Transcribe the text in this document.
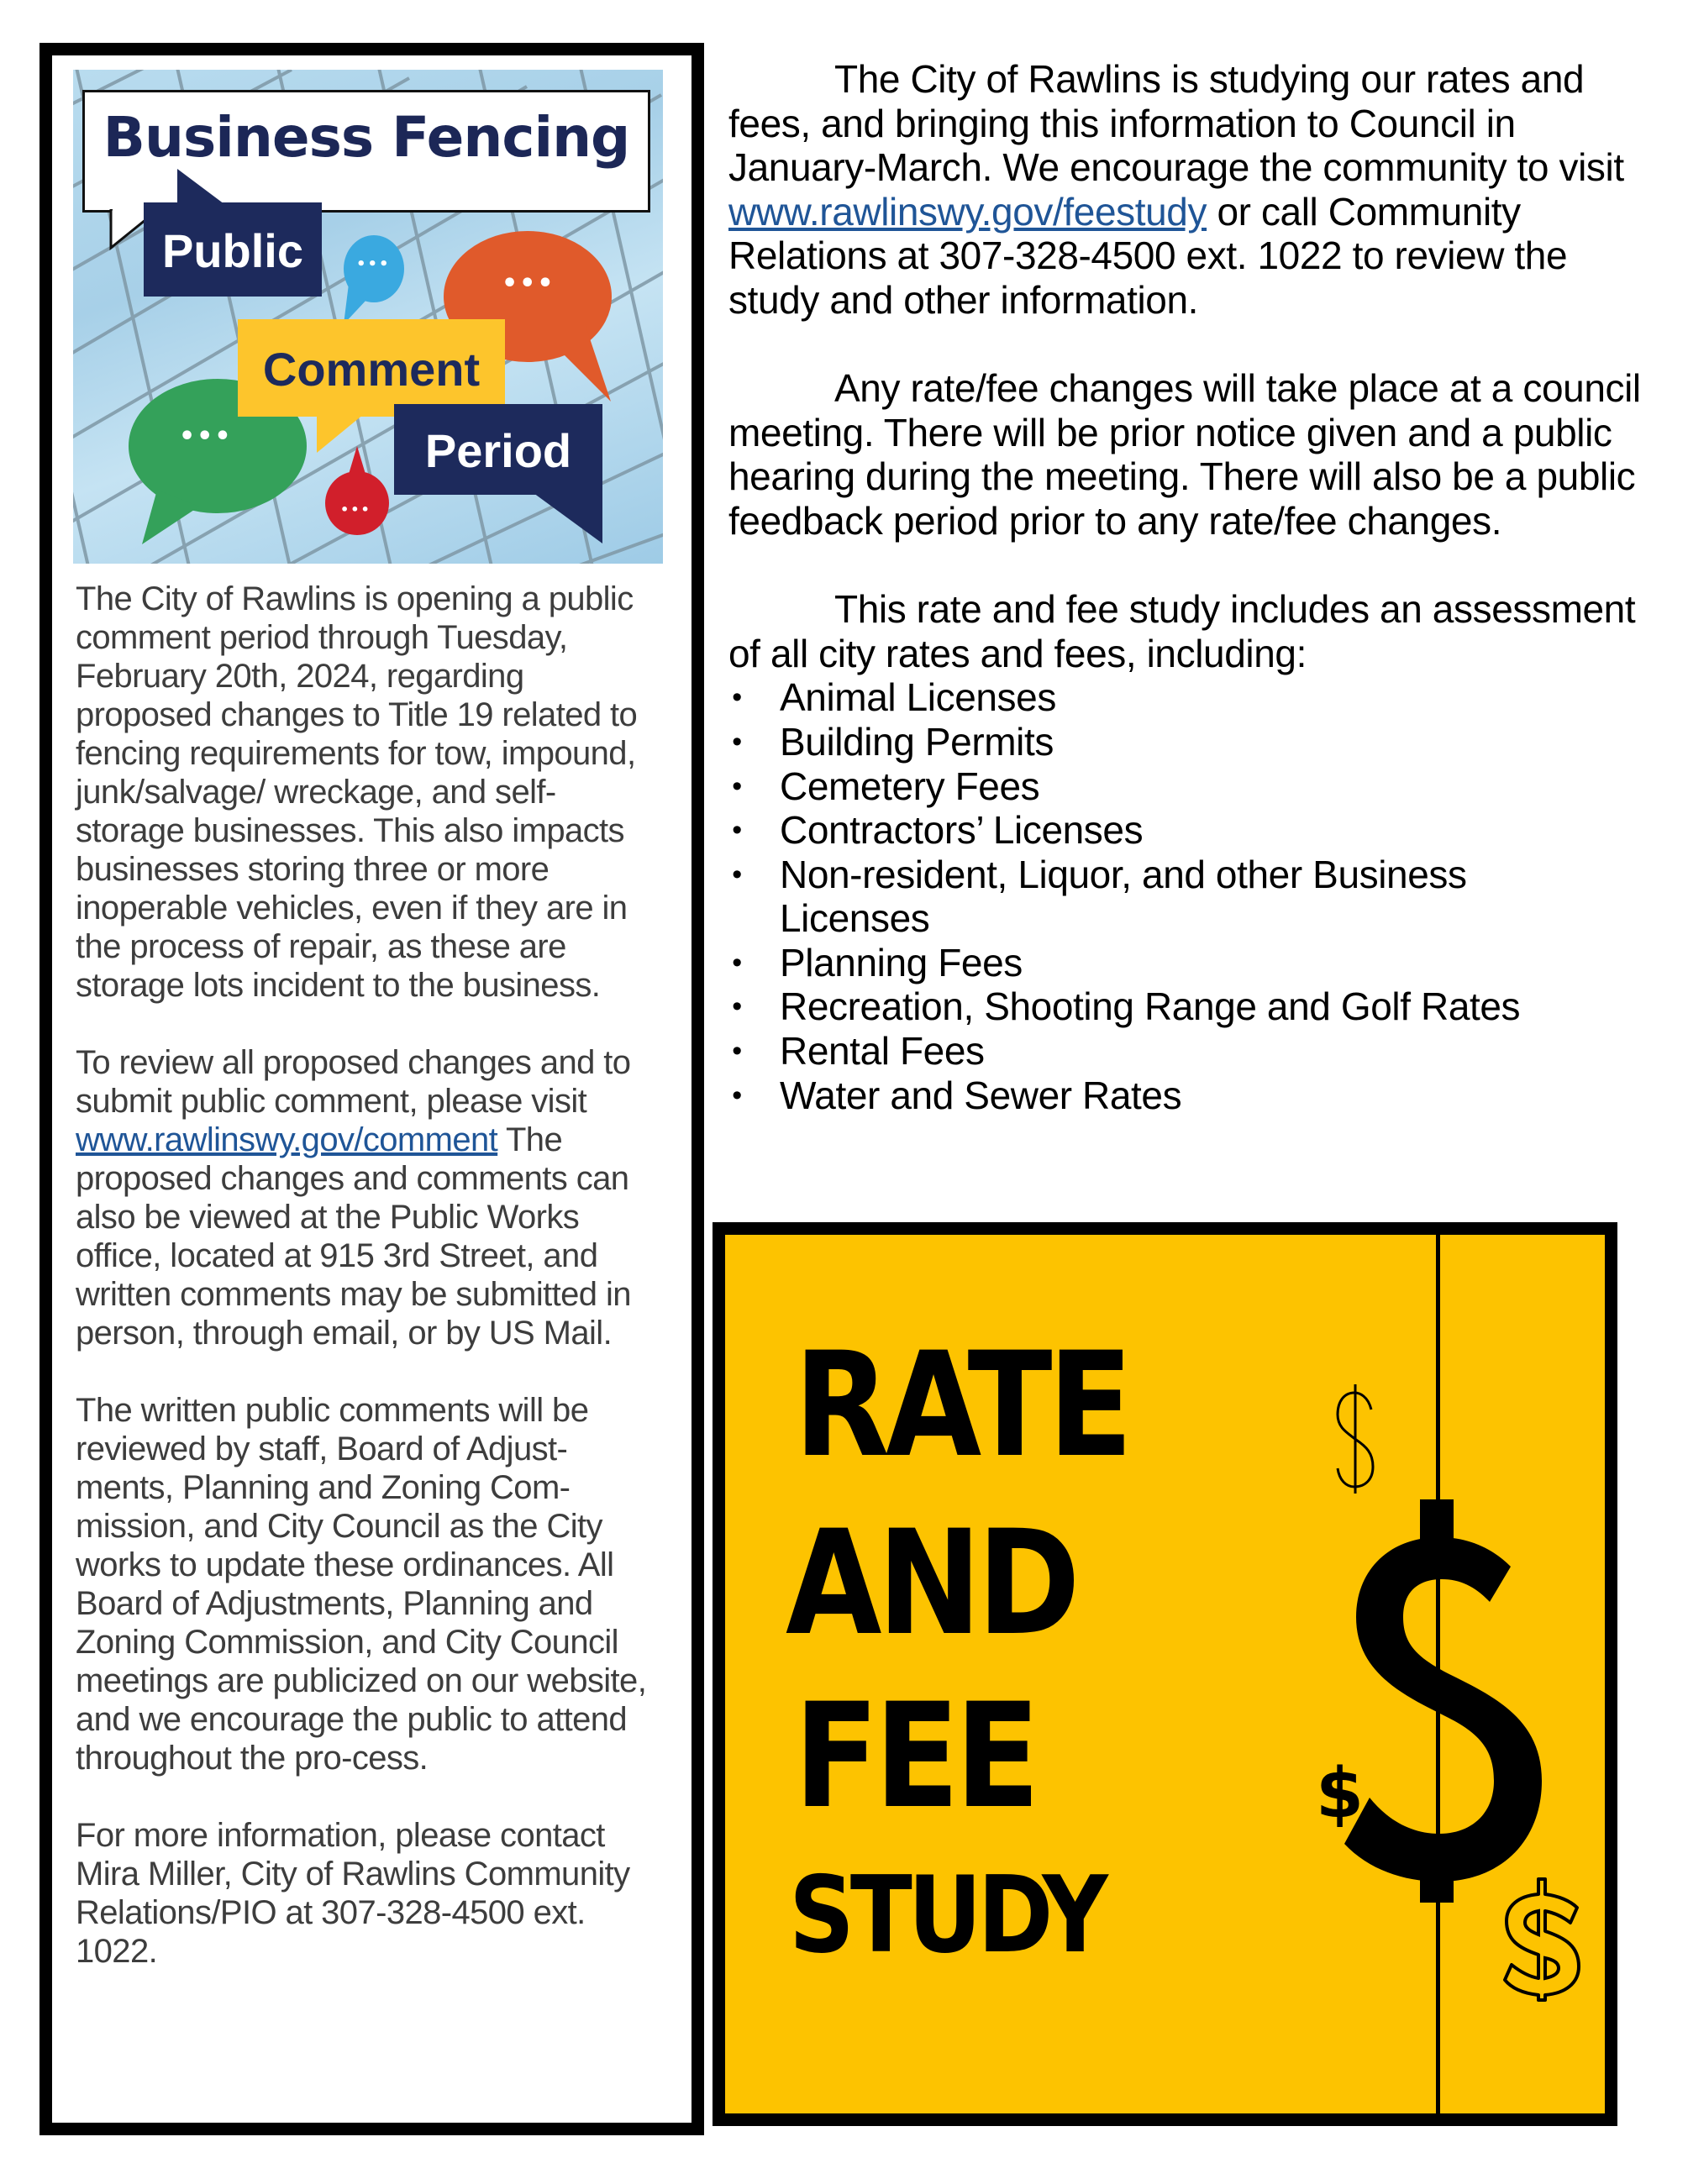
Business Fencing
•••
•••
•••
•••
Public
Comment
Period

The City of Rawlins is opening a public comment period through Tuesday, February 20th, 2024, regarding proposed changes to Title 19 related to fencing requirements for tow, impound, junk/salvage/ wreckage, and self-storage businesses. This also impacts businesses storing three or more inoperable vehicles, even if they are in the process of repair, as these are storage lots incident to the business.

To review all proposed changes and to submit public comment, please visit www.rawlinswy.gov/comment The proposed changes and comments can also be viewed at the Public Works office, located at 915 3rd Street, and written comments may be submitted in person, through email, or by US Mail.

The written public comments will be reviewed by staff, Board of Adjust-ments, Planning and Zoning Com-mission, and City Council as the City works to update these ordinances. All Board of Adjustments, Planning and Zoning Commission, and City Council meetings are publicized on our website, and we encourage the public to attend throughout the pro-cess.

For more information, please contact Mira Miller, City of Rawlins Community Relations/PIO at 307-328-4500 ext. 1022.

The City of Rawlins is studying our rates and fees, and bringing this information to Council in January-March. We encourage the community to visit www.rawlinswy.gov/feestudy or call Community Relations at 307-328-4500 ext. 1022 to review the study and other information.

Any rate/fee changes will take place at a council meeting. There will be prior notice given and a public hearing during the meeting. There will also be a public feedback period prior to any rate/fee changes.

This rate and fee study includes an assessment of all city rates and fees, including:

• Animal Licenses
• Building Permits
• Cemetery Fees
• Contractors’ Licenses
• Non-resident, Liquor, and other Business Licenses
• Planning Fees
• Recreation, Shooting Range and Golf Rates
• Rental Fees
• Water and Sewer Rates
RATE
AND
FEE
STUDY
$
